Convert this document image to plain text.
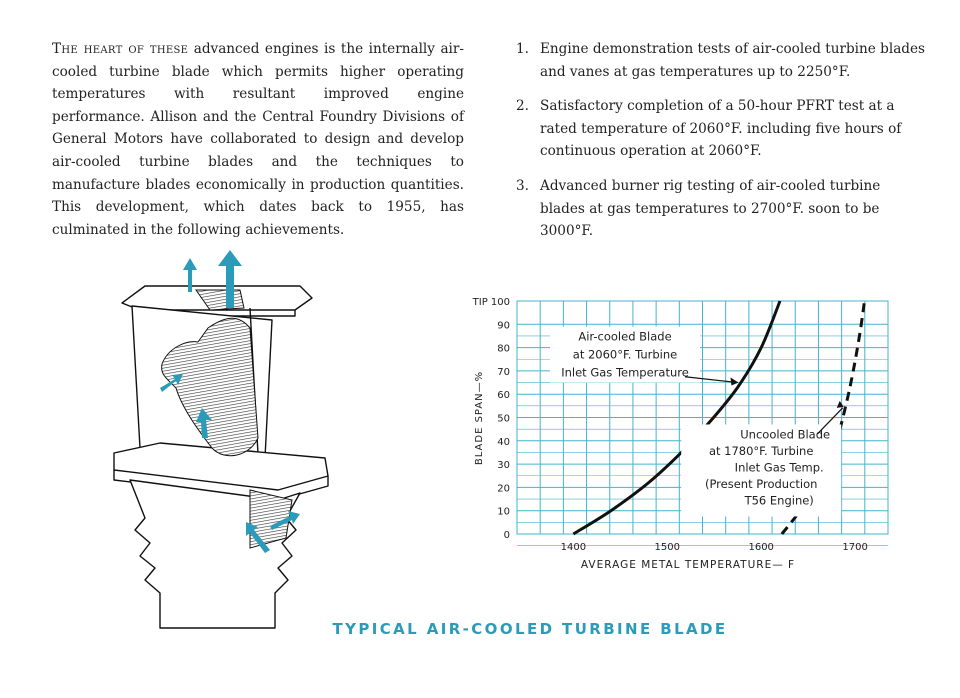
The heart of these advanced engines is the internally air-cooled turbine blade which permits higher operating temperatures with resultant improved engine performance. Allison and the Central Foundry Divisions of General Motors have collaborated to design and develop air-cooled turbine blades and the techniques to manufacture blades economically in production quantities. This development, which dates back to 1955, has culminated in the following achievements.

1. Engine demonstration tests of air-cooled turbine blades and vanes at gas temperatures up to 2250°F.
2. Satisfactory completion of a 50-hour PFRT test at a rated temperature of 2060°F. including five hours of continuous operation at 2060°F.
3. Advanced burner rig testing of air-cooled turbine blades at gas temperatures to 2700°F. soon to be 3000°F.
0
10
20
30
40
50
60
70
80
90
TIP 100
1400	1500	1600	1700
Air-cooled Blade
at 2060°F. Turbine
Inlet Gas Temperature
Uncooled Blade
at 1780°F. Turbine
Inlet Gas Temp.
(Present Production
T56 Engine)
AVERAGE METAL TEMPERATURE— F
BLADE SPAN—%

TYPICAL AIR-COOLED TURBINE BLADE
